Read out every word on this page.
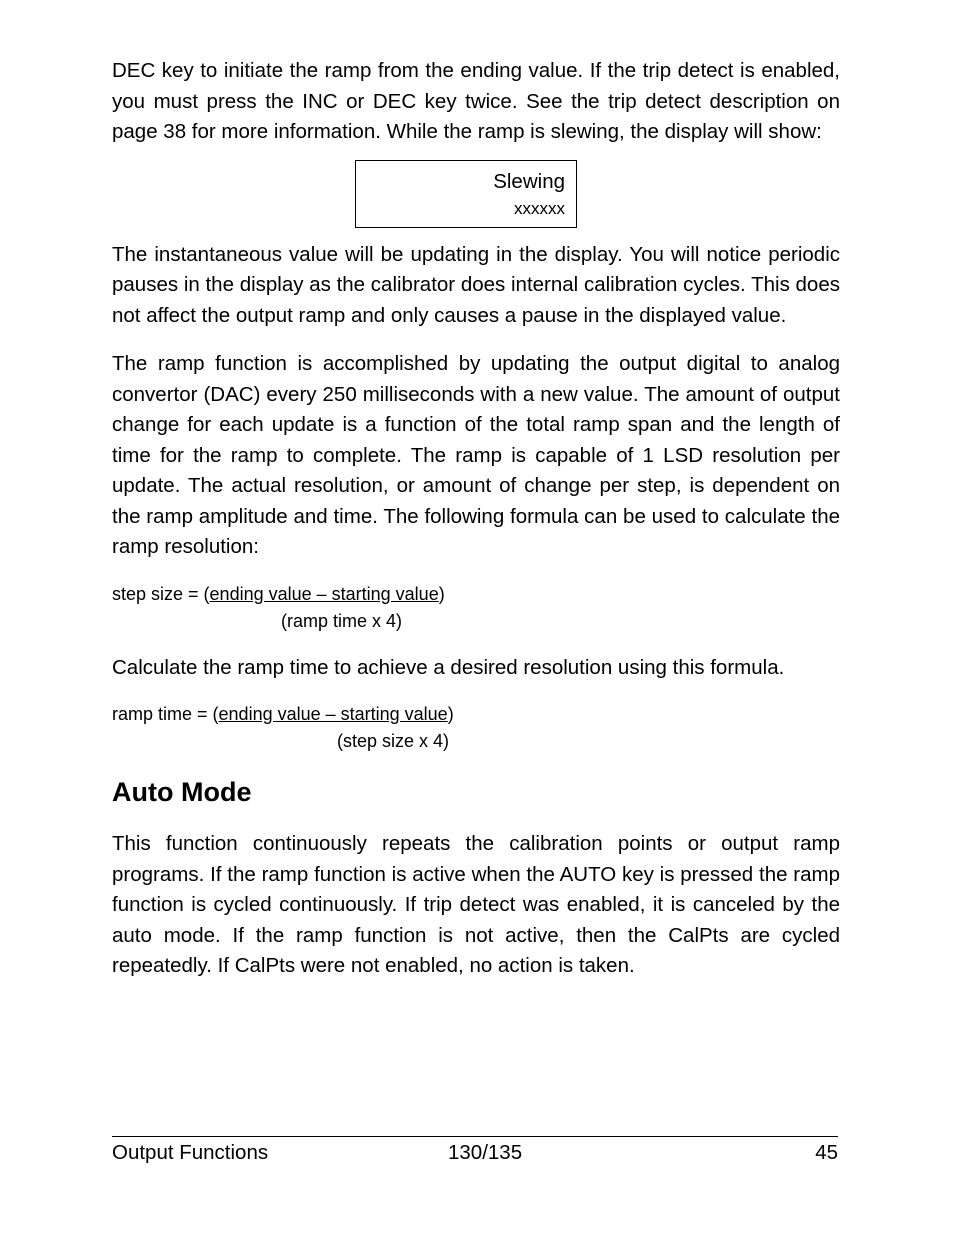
DEC key to initiate the ramp from the ending value. If the trip detect is enabled, you must press the INC or DEC key twice. See the trip detect description on page 38 for more information. While the ramp is slewing, the display will show:

Slewing
xxxxxx

The instantaneous value will be updating in the display. You will notice periodic pauses in the display as the calibrator does internal calibration cycles. This does not affect the output ramp and only causes a pause in the displayed value.

The ramp function is accomplished by updating the output digital to analog convertor (DAC) every 250 milliseconds with a new value. The amount of output change for each update is a function of the total ramp span and the length of time for the ramp to complete. The ramp is capable of 1 LSD resolution per update. The actual resolution, or amount of change per step, is dependent on the ramp amplitude and time. The following formula can be used to calculate the ramp resolution:

step size = (ending value – starting value)

(ramp time x 4)

Calculate the ramp time to achieve a desired resolution using this formula.

ramp time = (ending value – starting value)

(step size x 4)

Auto Mode

This function continuously repeats the calibration points or output ramp programs. If the ramp function is active when the AUTO key is pressed the ramp function is cycled continuously. If trip detect was enabled, it is canceled by the auto mode. If the ramp function is not active, then the CalPts are cycled repeatedly. If CalPts were not enabled, no action is taken.

Output Functions	130/135	45
